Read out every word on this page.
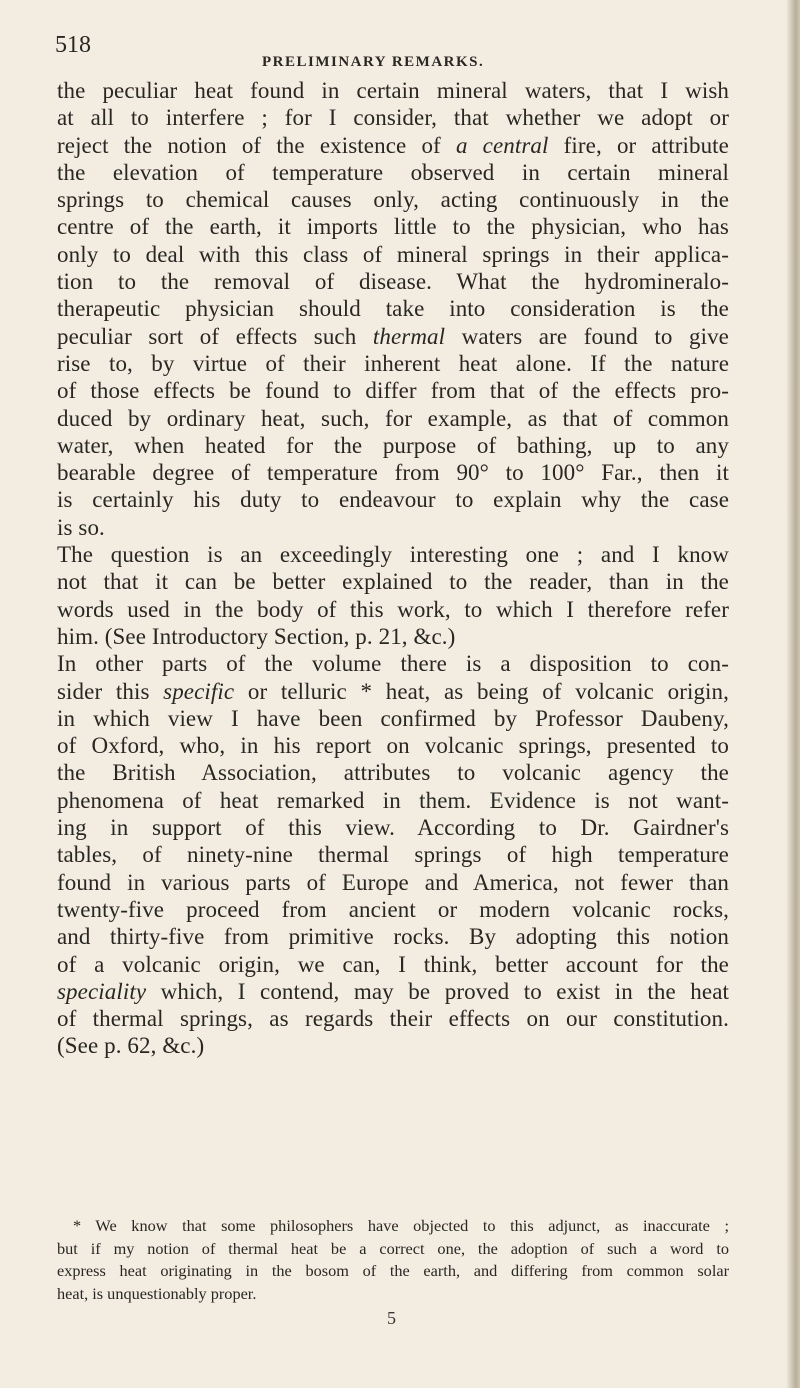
518
PRELIMINARY REMARKS.
the peculiar heat found in certain mineral waters, that I wish
at all to interfere ; for I consider, that whether we adopt or
reject the notion of the existence of a central fire, or attribute
the elevation of temperature observed in certain mineral
springs to chemical causes only, acting continuously in the
centre of the earth, it imports little to the physician, who has
only to deal with this class of mineral springs in their applica-
tion to the removal of disease. What the hydromineralo-
therapeutic physician should take into consideration is the
peculiar sort of effects such thermal waters are found to give
rise to, by virtue of their inherent heat alone. If the nature
of those effects be found to differ from that of the effects pro-
duced by ordinary heat, such, for example, as that of common
water, when heated for the purpose of bathing, up to any
bearable degree of temperature from 90° to 100° Far., then it
is certainly his duty to endeavour to explain why the case
is so.
The question is an exceedingly interesting one ; and I know
not that it can be better explained to the reader, than in the
words used in the body of this work, to which I therefore refer
him. (See Introductory Section, p. 21, &c.)
In other parts of the volume there is a disposition to con-
sider this specific or telluric * heat, as being of volcanic origin,
in which view I have been confirmed by Professor Daubeny,
of Oxford, who, in his report on volcanic springs, presented to
the British Association, attributes to volcanic agency the
phenomena of heat remarked in them. Evidence is not want-
ing in support of this view. According to Dr. Gairdner's
tables, of ninety-nine thermal springs of high temperature
found in various parts of Europe and America, not fewer than
twenty-five proceed from ancient or modern volcanic rocks,
and thirty-five from primitive rocks. By adopting this notion
of a volcanic origin, we can, I think, better account for the
speciality which, I contend, may be proved to exist in the heat
of thermal springs, as regards their effects on our constitution.
(See p. 62, &c.)
* We know that some philosophers have objected to this adjunct, as inaccurate ;
but if my notion of thermal heat be a correct one, the adoption of such a word to
express heat originating in the bosom of the earth, and differing from common solar
heat, is unquestionably proper.
5
